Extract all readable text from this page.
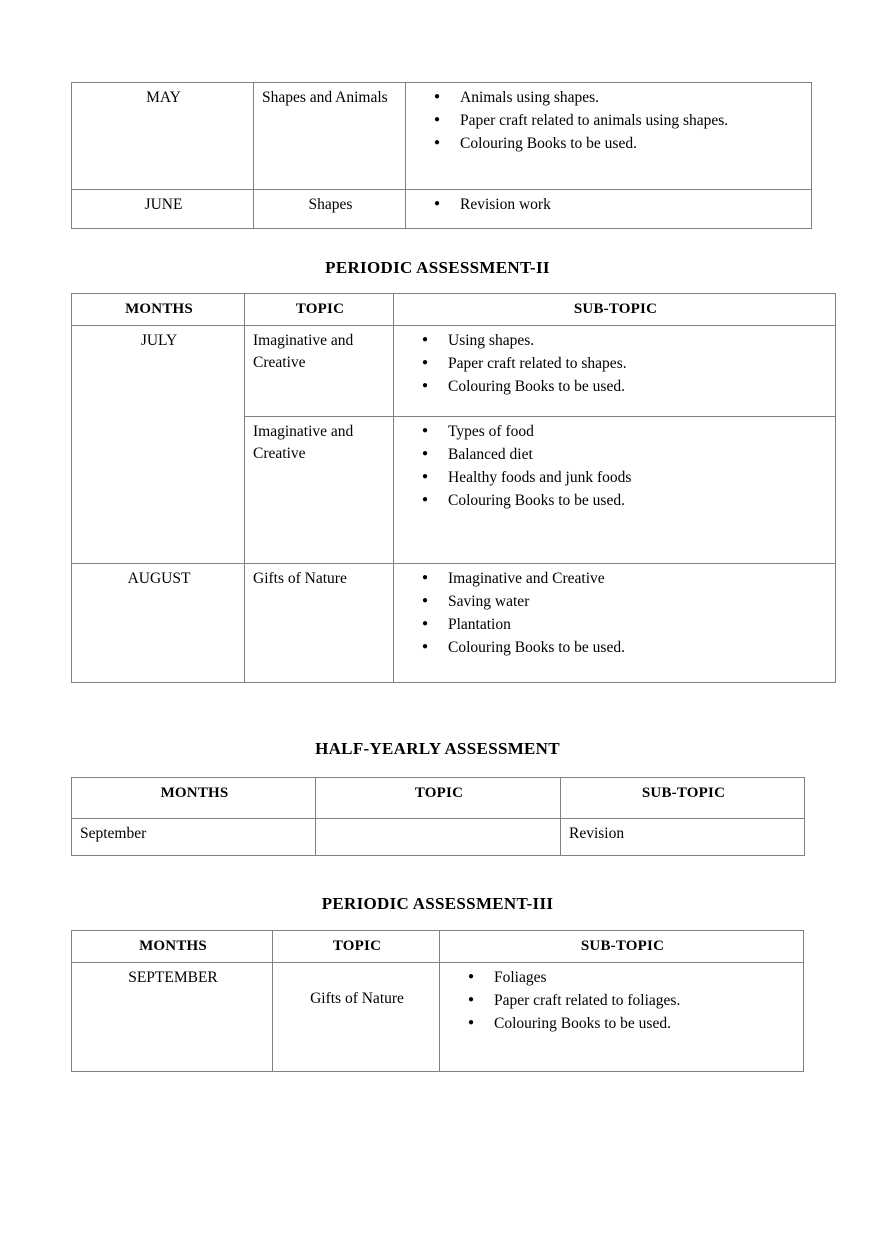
MAY	Shapes and Animals	
●Animals using shapes.
● Paper craft related to animals using shapes.
● Colouring Books to be used.

JUNE	Shapes	
●Revision work
PERIODIC ASSESSMENT-II
MONTHS	TOPIC	SUB-TOPIC
JULY	Imaginative and Creative	
● Using shapes.
● Paper craft related to shapes.
● Colouring Books to be used.

Imaginative and Creative	
● Types of food
● Balanced diet
● Healthy foods and junk foods
● Colouring Books to be used.

AUGUST	Gifts of Nature	
●Imaginative and Creative
● Saving water
● Plantation
● Colouring Books to be used.
HALF-YEARLY ASSESSMENT
MONTHS	TOPIC	SUB-TOPIC
September		Revision
PERIODIC ASSESSMENT-III
MONTHS	TOPIC	SUB-TOPIC
SEPTEMBER	Gifts of Nature	
● Foliages
● Paper craft related to foliages.
● Colouring Books to be used.
